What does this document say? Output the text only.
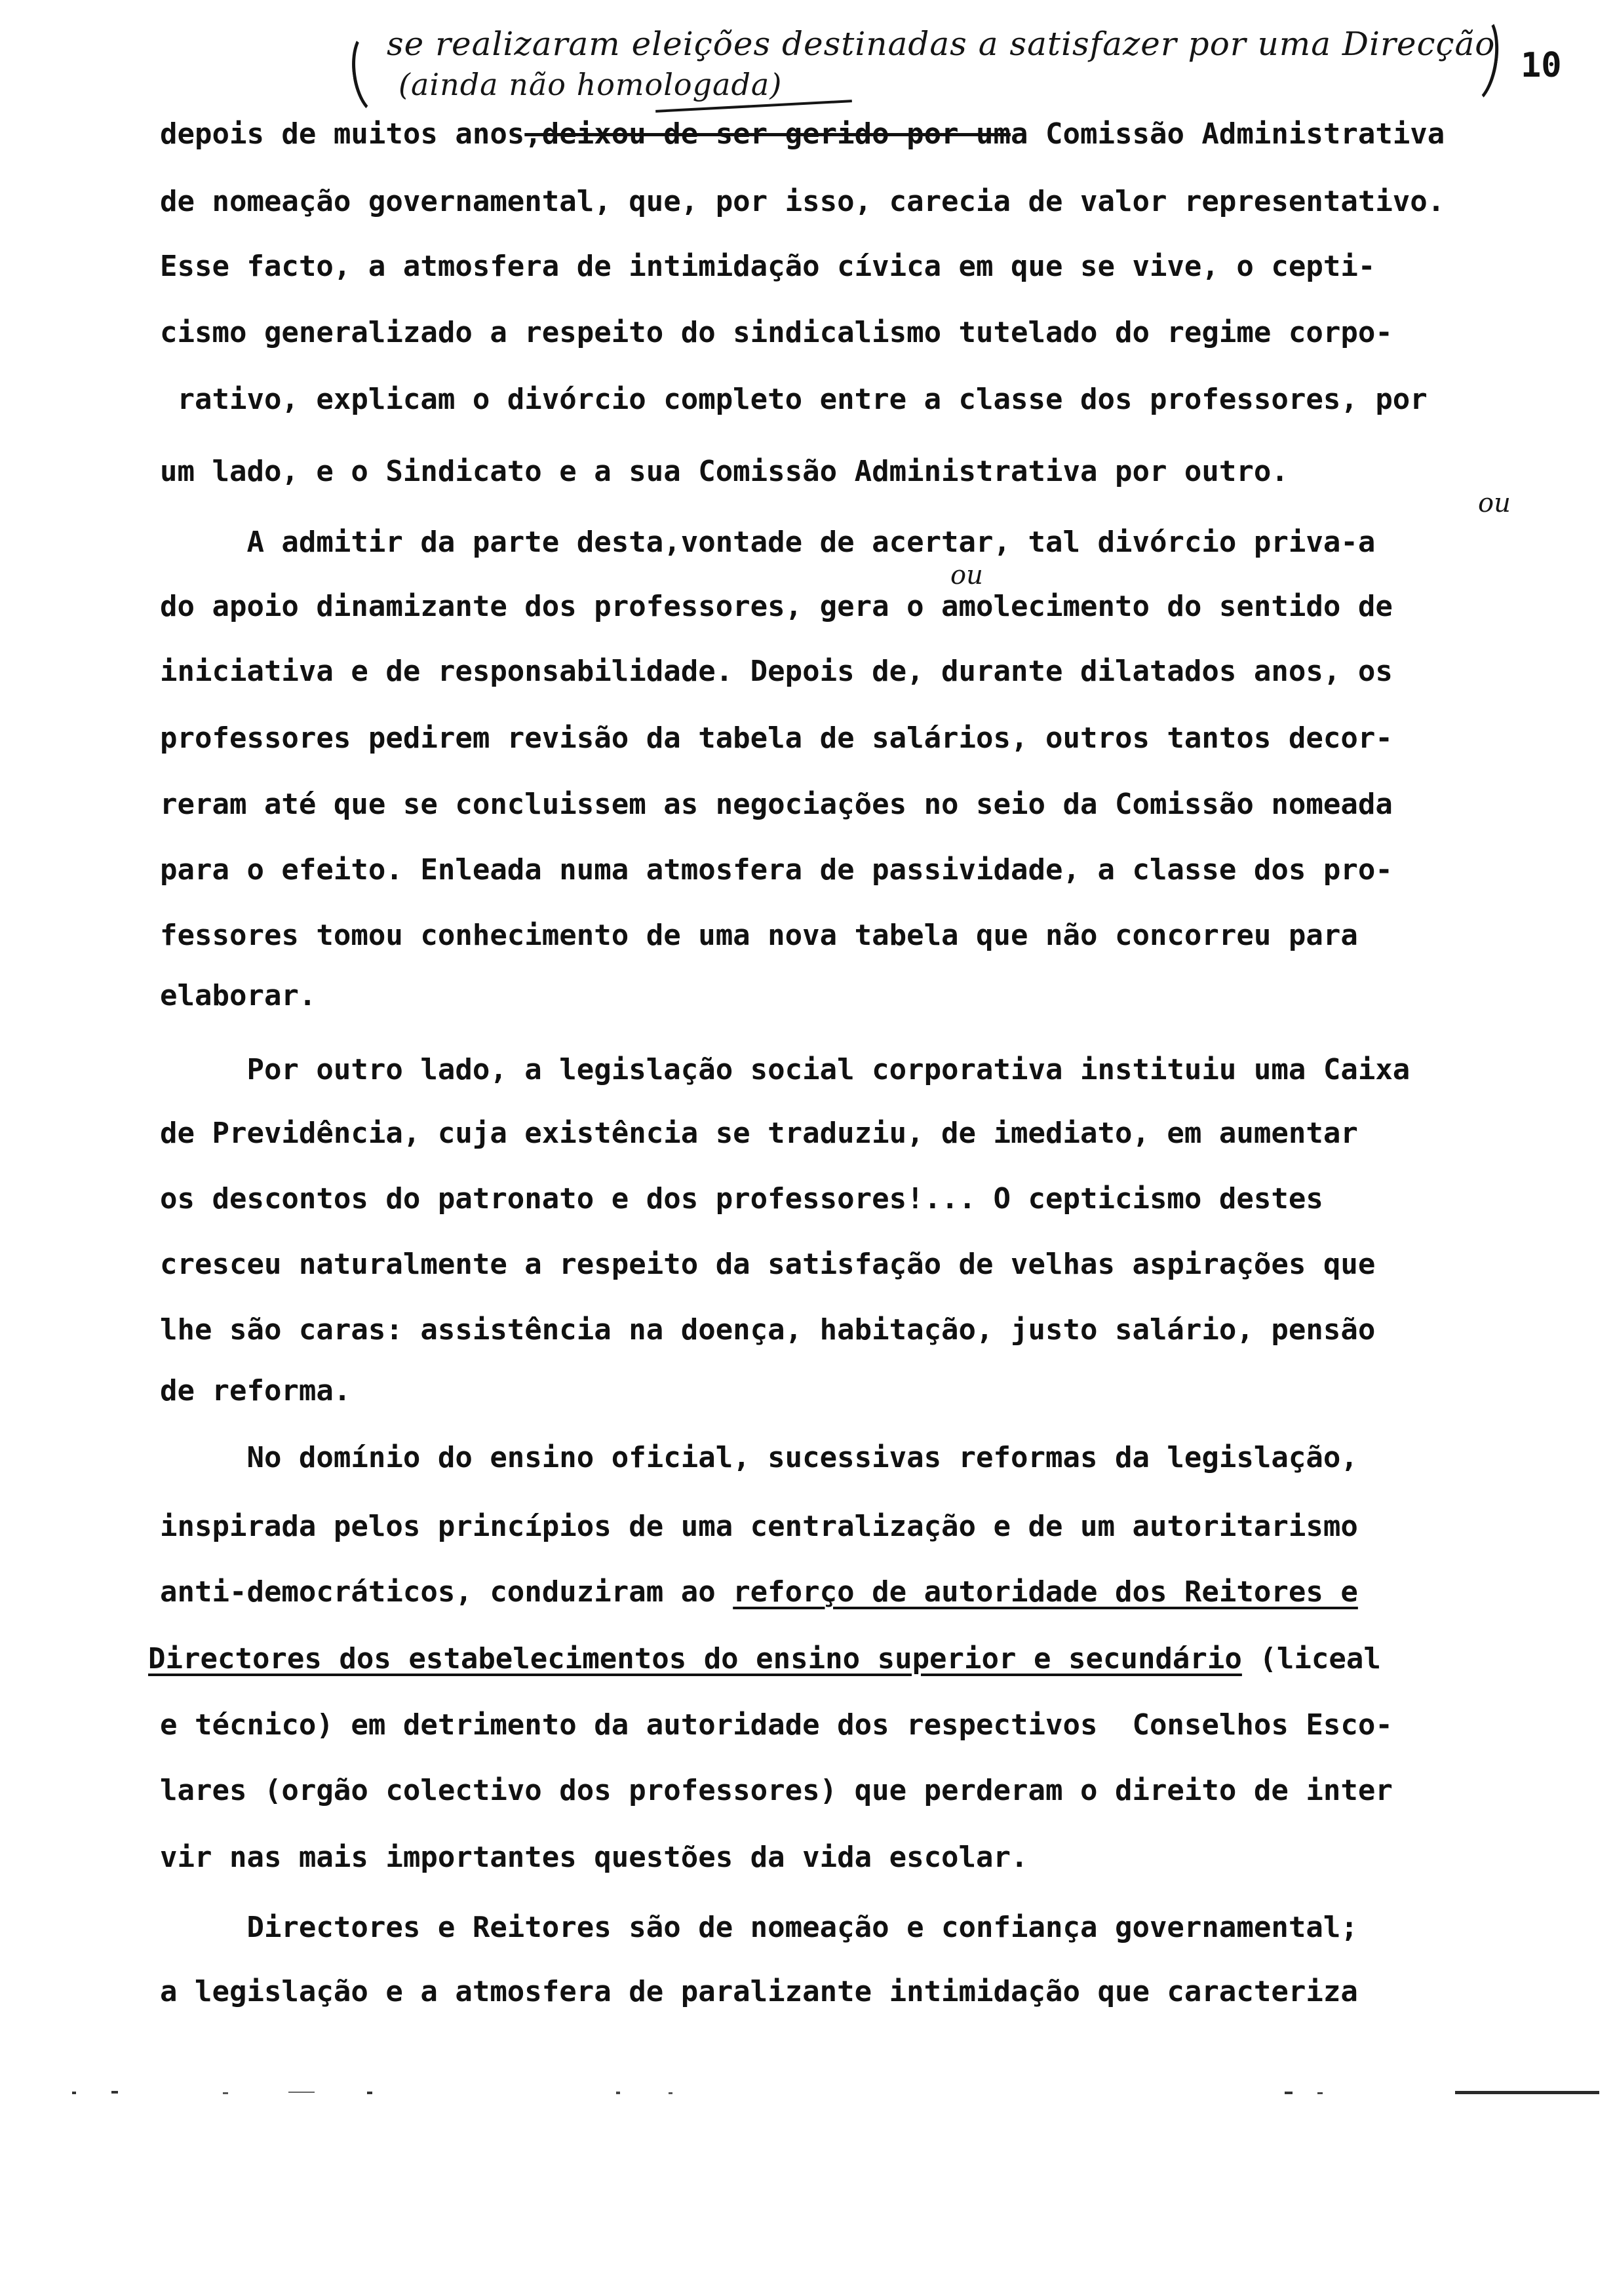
se realizaram eleições destinadas a satisfazer por uma Direcção
(ainda não homologada)	10
depois de muitos anos,deixou de ser gerido por uma Comissão Administrativa
de nomeação governamental, que, por isso, carecia de valor representativo.
Esse facto, a atmosfera de intimidação cívica em que se vive, o cepti-
cismo generalizado a respeito do sindicalismo tutelado do regime corpo-
rativo, explicam o divórcio completo entre a classe dos professores, por
um lado, e o Sindicato e a sua Comissão Administrativa por outro.
ou
A admitir da parte desta,vontade de acertar, tal divórcio priva-a
ou
do apoio dinamizante dos professores, gera o amolecimento do sentido de
iniciativa e de responsabilidade. Depois de, durante dilatados anos, os
professores pedirem revisão da tabela de salários, outros tantos decor-
reram até que se concluissem as negociações no seio da Comissão nomeada
para o efeito. Enleada numa atmosfera de passividade, a classe dos pro-
fessores tomou conhecimento de uma nova tabela que não concorreu para
elaborar.
Por outro lado, a legislação social corporativa instituiu uma Caixa
de Previdência, cuja existência se traduziu, de imediato, em aumentar
os descontos do patronato e dos professores!... O cepticismo destes
cresceu naturalmente a respeito da satisfação de velhas aspirações que
lhe são caras: assistência na doença, habitação, justo salário, pensão
de reforma.
No domínio do ensino oficial, sucessivas reformas da legislação,
inspirada pelos princípios de uma centralização e de um autoritarismo
anti-democráticos, conduziram ao reforço de autoridade dos Reitores e
Directores dos estabelecimentos do ensino superior e secundário (liceal
e técnico) em detrimento da autoridade dos respectivos  Conselhos Esco-
lares (orgão colectivo dos professores) que perderam o direito de inter
vir nas mais importantes questões da vida escolar.
Directores e Reitores são de nomeação e confiança governamental;
a legislação e a atmosfera de paralizante intimidação que caracteriza
